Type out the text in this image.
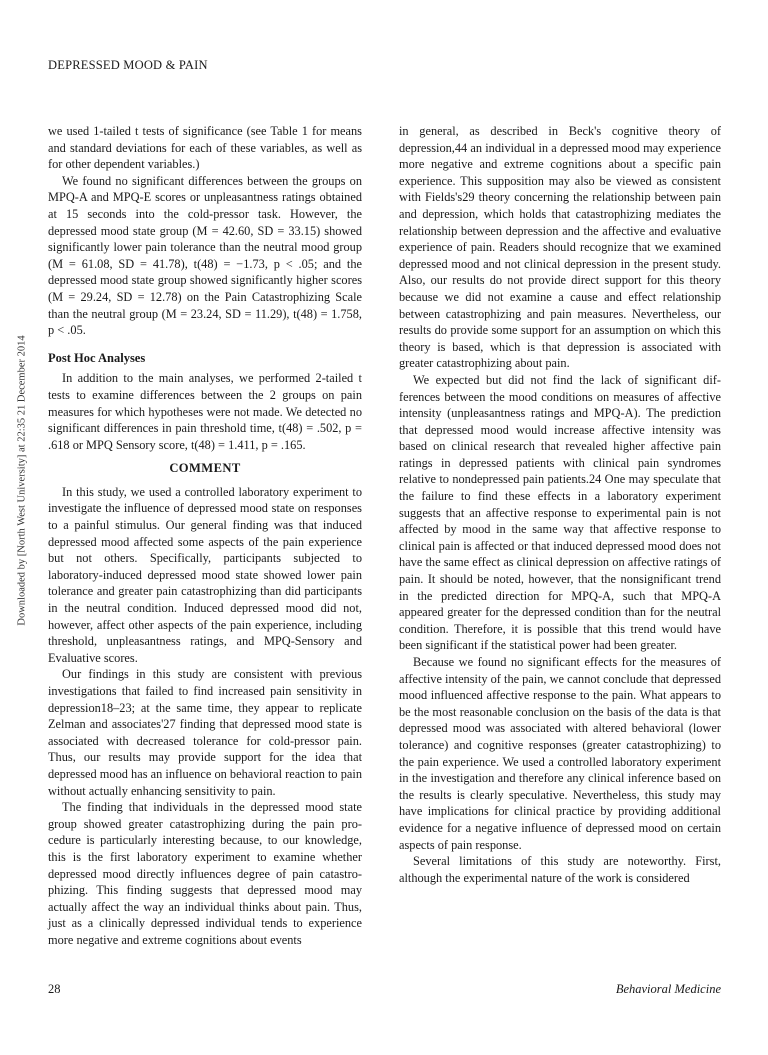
DEPRESSED MOOD & PAIN
Downloaded by [North West University] at 22:35 21 December 2014

we used 1-tailed t tests of significance (see Table 1 for means and standard deviations for each of these variables, as well as for other dependent variables.)

We found no significant differences between the groups on MPQ-A and MPQ-E scores or unpleasantness ratings obtained at 15 seconds into the cold-pressor task. However, the depressed mood state group (M = 42.60, SD = 33.15) showed significantly lower pain tolerance than the neutral mood group (M = 61.08, SD = 41.78), t(48) = −1.73, p < .05; and the depressed mood state group showed significantly higher scores (M = 29.24, SD = 12.78) on the Pain Catastrophizing Scale than the neutral group (M = 23.24, SD = 11.29), t(48) = 1.758, p < .05.

Post Hoc Analyses

In addition to the main analyses, we performed 2-tailed t tests to examine differences between the 2 groups on pain measures for which hypotheses were not made. We detected no significant differences in pain threshold time, t(48) = .502, p = .618 or MPQ Sensory score, t(48) = 1.411, p = .165.

COMMENT

In this study, we used a controlled laboratory experiment to investigate the influence of depressed mood state on responses to a painful stimulus. Our general finding was that induced depressed mood affected some aspects of the pain experience but not others. Specifically, participants subjected to laboratory-induced depressed mood state showed lower pain tolerance and greater pain catastrophizing than did participants in the neutral condition. Induced depressed mood did not, however, affect other aspects of the pain experience, including threshold, unpleasantness ratings, and MPQ-Sensory and Evaluative scores.

Our findings in this study are consistent with previous investigations that failed to find increased pain sensitivity in depression18–23; at the same time, they appear to replicate Zelman and associates'27 finding that depressed mood state is associated with decreased tolerance for cold-pressor pain. Thus, our results may provide support for the idea that depressed mood has an influence on behavioral reaction to pain without actually enhancing sensitivity to pain.

The finding that individuals in the depressed mood state group showed greater catastrophizing during the pain procedure is particularly interesting because, to our knowledge, this is the first laboratory experiment to examine whether depressed mood directly influences degree of pain catastrophizing. This finding suggests that depressed mood may actually affect the way an individual thinks about pain. Thus, just as a clinically depressed individual tends to experience more negative and extreme cognitions about events

in general, as described in Beck's cognitive theory of depression,44 an individual in a depressed mood may experience more negative and extreme cognitions about a specific pain experience. This supposition may also be viewed as consistent with Fields's29 theory concerning the relationship between pain and depression, which holds that catastrophizing mediates the relationship between depression and the affective and evaluative experience of pain. Readers should recognize that we examined depressed mood and not clinical depression in the present study. Also, our results do not provide direct support for this theory because we did not examine a cause and effect relationship between catastrophizing and pain measures. Nevertheless, our results do provide some support for an assumption on which this theory is based, which is that depression is associated with greater catastrophizing about pain.

We expected but did not find the lack of significant differences between the mood conditions on measures of affective intensity (unpleasantness ratings and MPQ-A). The prediction that depressed mood would increase affective intensity was based on clinical research that revealed higher affective pain ratings in depressed patients with clinical pain syndromes relative to nondepressed pain patients.24 One may speculate that the failure to find these effects in a laboratory experiment suggests that an affective response to experimental pain is not affected by mood in the same way that affective response to clinical pain is affected or that induced depressed mood does not have the same effect as clinical depression on affective ratings of pain. It should be noted, however, that the nonsignificant trend in the predicted direction for MPQ-A, such that MPQ-A appeared greater for the depressed condition than for the neutral condition. Therefore, it is possible that this trend would have been significant if the statistical power had been greater.

Because we found no significant effects for the measures of affective intensity of the pain, we cannot conclude that depressed mood influenced affective response to the pain. What appears to be the most reasonable conclusion on the basis of the data is that depressed mood was associated with altered behavioral (lower tolerance) and cognitive responses (greater catastrophizing) to the pain experience. We used a controlled laboratory experiment in the investigation and therefore any clinical inference based on the results is clearly speculative. Nevertheless, this study may have implications for clinical practice by providing additional evidence for a negative influence of depressed mood on certain aspects of pain response.

Several limitations of this study are noteworthy. First, although the experimental nature of the work is considered

28	Behavioral Medicine
